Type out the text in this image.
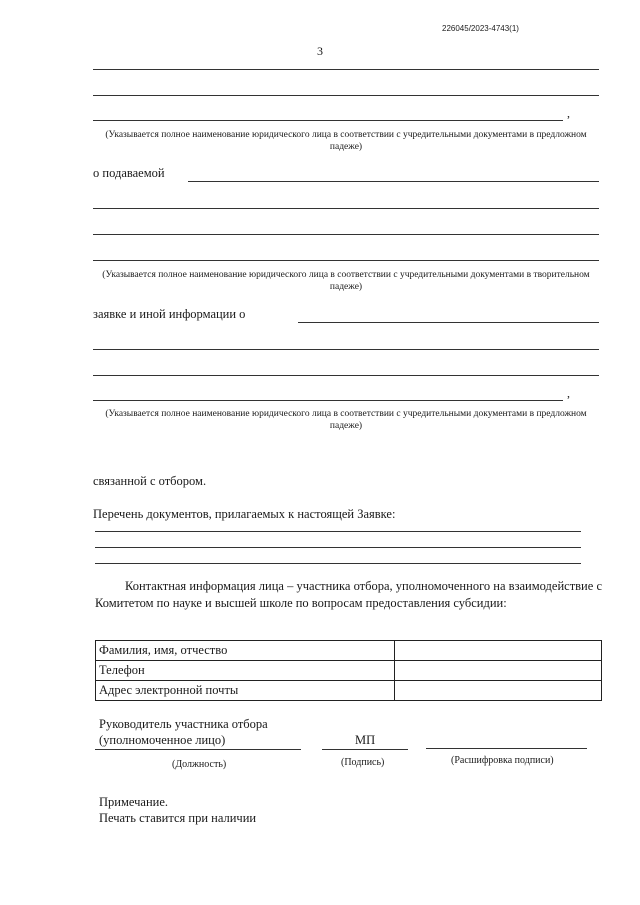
226045/2023-4743(1)
3
,
(Указывается полное наименование юридического лица в соответствии с учредительными документами в предложном падеже)
о подаваемой
(Указывается полное наименование юридического лица в соответствии с учредительными документами в творительном падеже)
заявке и иной информации о
,
(Указывается полное наименование юридического лица в соответствии с учредительными документами в предложном падеже)
связанной с отбором.
Перечень документов, прилагаемых к настоящей Заявке:
Контактная информация лица – участника отбора, уполномоченного на взаимодействие с Комитетом по науке и высшей школе по вопросам предоставления субсидии:
Фамилия, имя, отчество	
Телефон	
Адрес электронной почты	
Руководитель участника отбора
(уполномоченное лицо)	МП
(Должность)	(Подпись)	(Расшифровка подписи)
Примечание.
Печать ставится при наличии
